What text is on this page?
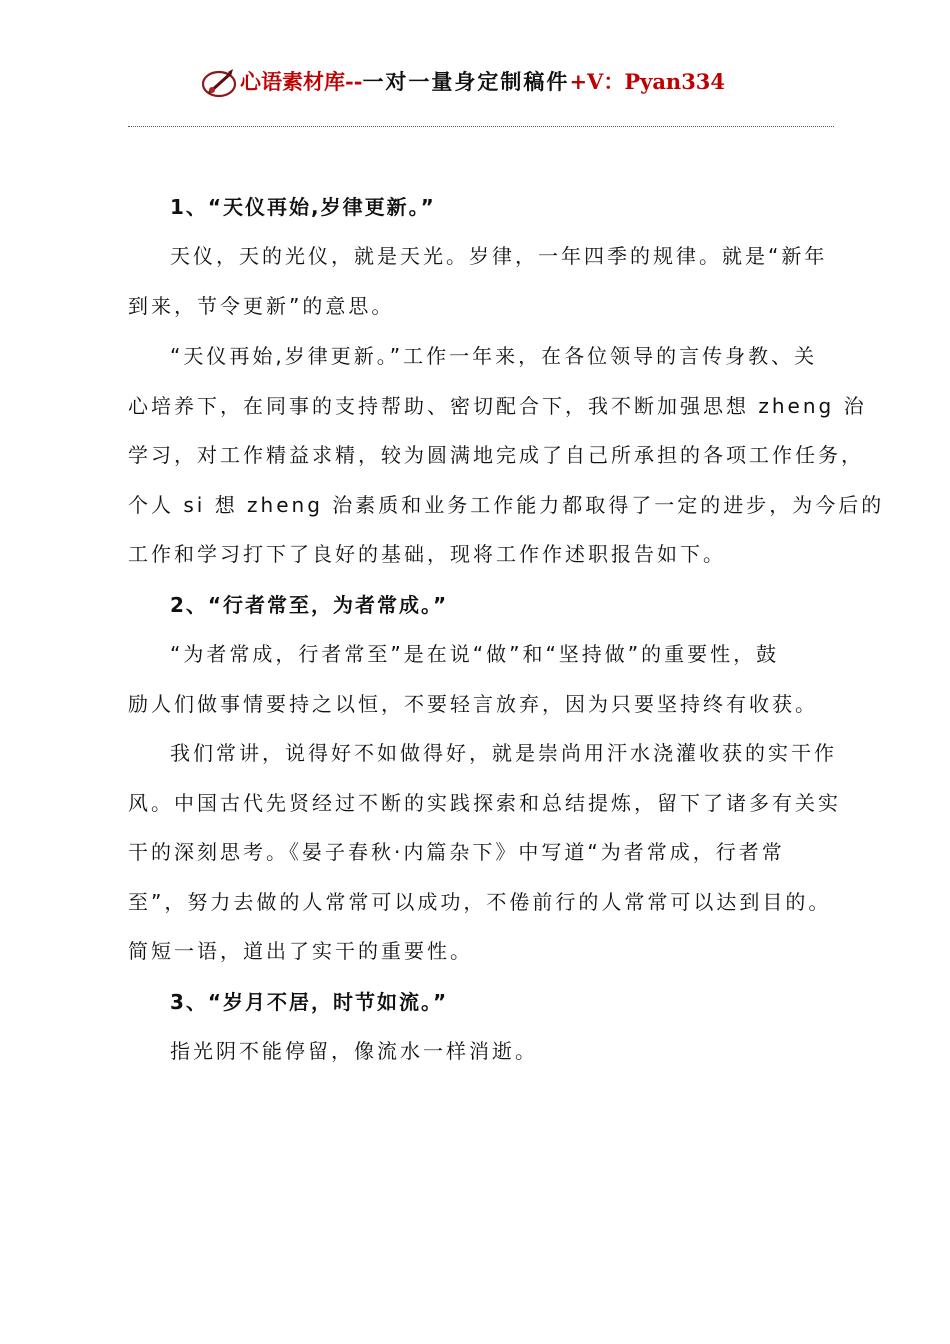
心语素材库--一对一量身定制稿件+V：Pyan334
1、“天仪再始,岁律更新。”
天仪，天的光仪，就是天光。岁律，一年四季的规律。就是“新年
到来，节令更新”的意思。
“天仪再始,岁律更新。”工作一年来，在各位领导的言传身教、关
心培养下，在同事的支持帮助、密切配合下，我不断加强思想 zheng 治
学习，对工作精益求精，较为圆满地完成了自己所承担的各项工作任务，
个人 si 想 zheng 治素质和业务工作能力都取得了一定的进步，为今后的
工作和学习打下了良好的基础，现将工作作述职报告如下。
2、“行者常至，为者常成。”
“为者常成，行者常至”是在说“做”和“坚持做”的重要性，鼓
励人们做事情要持之以恒，不要轻言放弃，因为只要坚持终有收获。
我们常讲，说得好不如做得好，就是崇尚用汗水浇灌收获的实干作
风。中国古代先贤经过不断的实践探索和总结提炼，留下了诸多有关实
干的深刻思考。《晏子春秋·内篇杂下》中写道“为者常成，行者常
至”，努力去做的人常常可以成功，不倦前行的人常常可以达到目的。
简短一语，道出了实干的重要性。
3、“岁月不居，时节如流。”
指光阴不能停留，像流水一样消逝。
